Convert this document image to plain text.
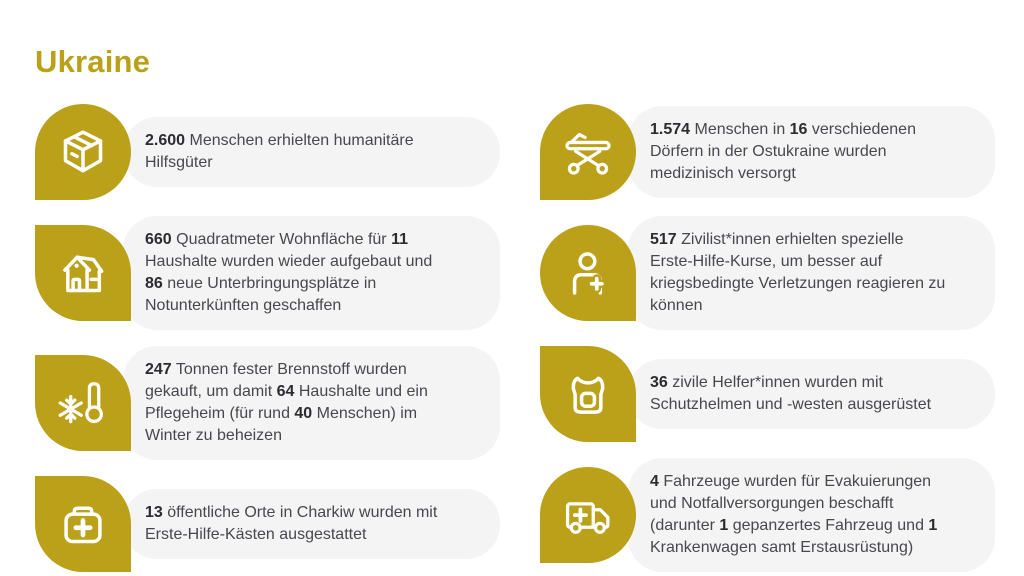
Ukraine

2.600 Menschen erhielten humanitäre Hilfsgüter

660 Quadratmeter Wohnfläche für 11 Haushalte wurden wieder aufgebaut und 86 neue Unterbringungsplätze in Notunterkünften geschaffen

247 Tonnen fester Brennstoff wurden gekauft, um damit 64 Haushalte und ein Pflegeheim (für rund 40 Menschen) im Winter zu beheizen

13 öffentliche Orte in Charkiw wurden mit Erste-Hilfe-Kästen ausgestattet

1.574 Menschen in 16 verschiedenen Dörfern in der Ostukraine wurden medizinisch versorgt

517 Zivilist*innen erhielten spezielle Erste-Hilfe-Kurse, um besser auf kriegsbedingte Verletzungen reagieren zu können

36 zivile Helfer*innen wurden mit Schutzhelmen und -westen ausgerüstet

4 Fahrzeuge wurden für Evakuierungen und Notfallversorgungen beschafft (darunter 1 gepanzertes Fahrzeug und 1 Krankenwagen samt Erstausrüstung)
